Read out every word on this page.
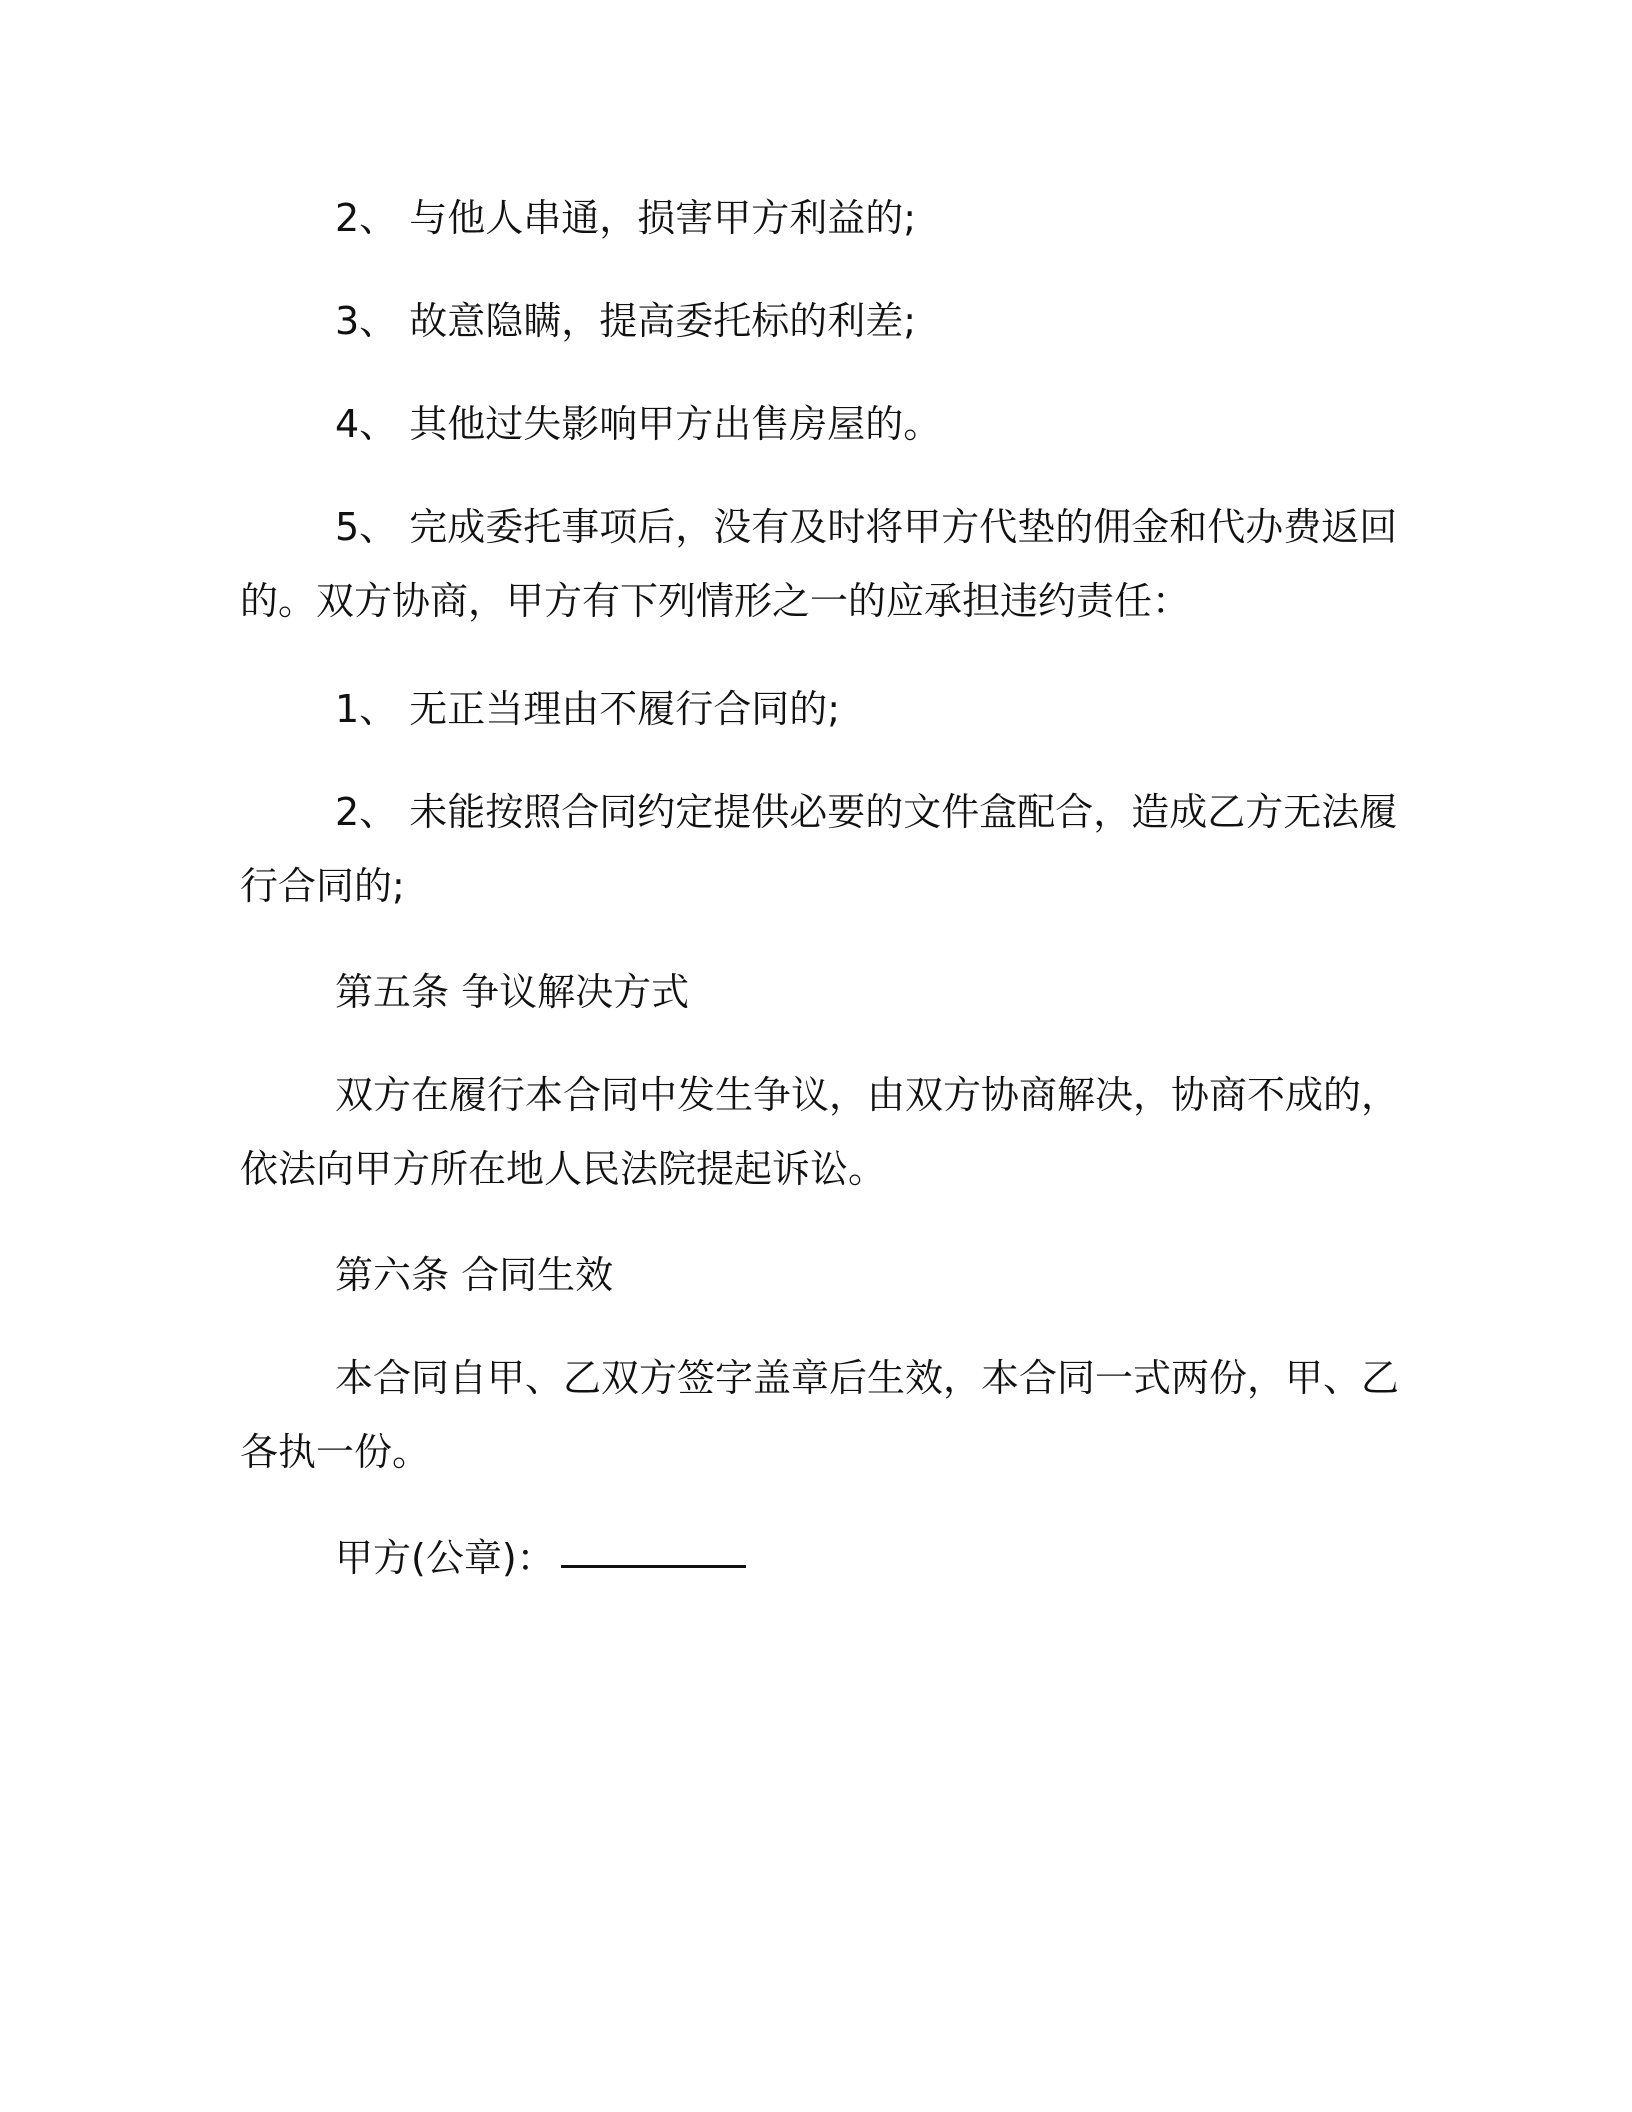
2、 与他人串通，损害甲方利益的;

3、 故意隐瞒，提高委托标的利差;

4、 其他过失影响甲方出售房屋的。

5、 完成委托事项后，没有及时将甲方代垫的佣金和代办费返回
的。双方协商，甲方有下列情形之一的应承担违约责任：

1、 无正当理由不履行合同的;

2、 未能按照合同约定提供必要的文件盒配合，造成乙方无法履
行合同的;

第五条 争议解决方式

双方在履行本合同中发生争议，由双方协商解决，协商不成的，
依法向甲方所在地人民法院提起诉讼。

第六条 合同生效

本合同自甲、乙双方签字盖章后生效，本合同一式两份，甲、乙
各执一份。

甲方(公章)：
